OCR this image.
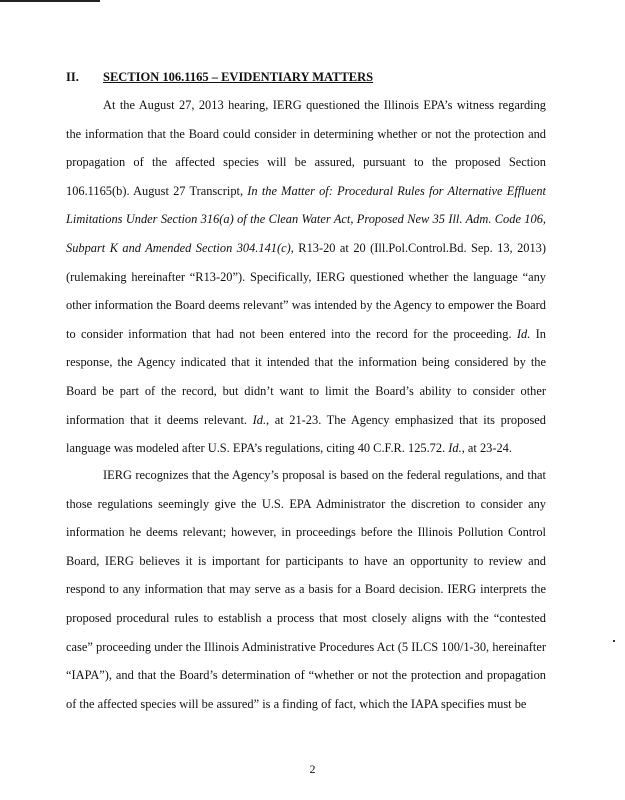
II. SECTION 106.1165 – EVIDENTIARY MATTERS

At the August 27, 2013 hearing, IERG questioned the Illinois EPA’s witness regarding the information that the Board could consider in determining whether or not the protection and propagation of the affected species will be assured, pursuant to the proposed Section 106.1165(b). August 27 Transcript, In the Matter of: Procedural Rules for Alternative Effluent Limitations Under Section 316(a) of the Clean Water Act, Proposed New 35 Ill. Adm. Code 106, Subpart K and Amended Section 304.141(c), R13-20 at 20 (Ill.Pol.Control.Bd. Sep. 13, 2013) (rulemaking hereinafter “R13-20”). Specifically, IERG questioned whether the language “any other information the Board deems relevant” was intended by the Agency to empower the Board to consider information that had not been entered into the record for the proceeding. Id. In response, the Agency indicated that it intended that the information being considered by the Board be part of the record, but didn’t want to limit the Board’s ability to consider other information that it deems relevant. Id., at 21-23. The Agency emphasized that its proposed language was modeled after U.S. EPA’s regulations, citing 40 C.F.R. 125.72. Id., at 23-24.

IERG recognizes that the Agency’s proposal is based on the federal regulations, and that those regulations seemingly give the U.S. EPA Administrator the discretion to consider any information he deems relevant; however, in proceedings before the Illinois Pollution Control Board, IERG believes it is important for participants to have an opportunity to review and respond to any information that may serve as a basis for a Board decision. IERG interprets the proposed procedural rules to establish a process that most closely aligns with the “contested case” proceeding under the Illinois Administrative Procedures Act (5 ILCS 100/1-30, hereinafter “IAPA”), and that the Board’s determination of “whether or not the protection and propagation of the affected species will be assured” is a finding of fact, which the IAPA specifies must be

2
